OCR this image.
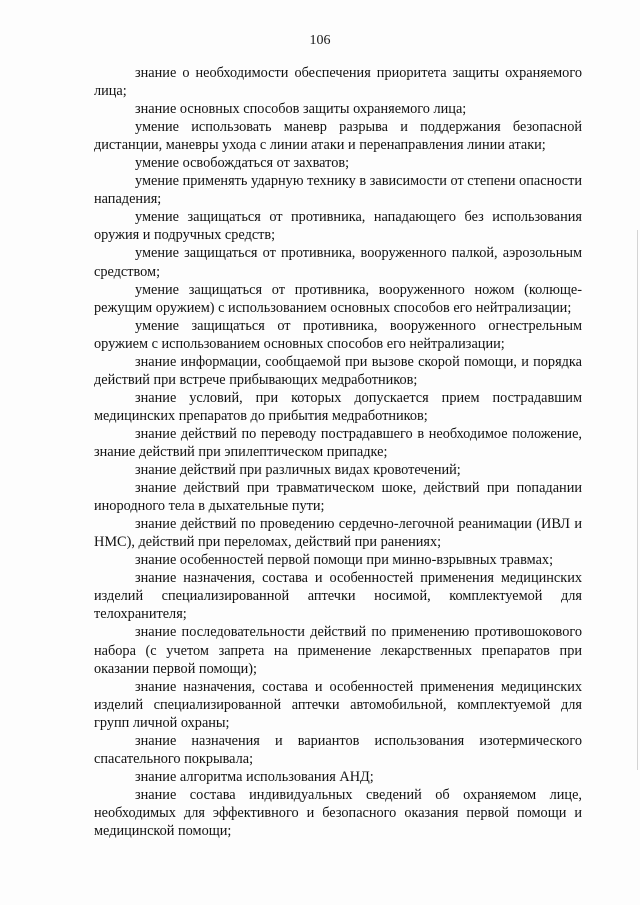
106

знание о необходимости обеспечения приоритета защиты охраняемого лица;

знание основных способов защиты охраняемого лица;

умение использовать маневр разрыва и поддержания безопасной дистанции, маневры ухода с линии атаки и перенаправления линии атаки;

умение освобождаться от захватов;

умение применять ударную технику в зависимости от степени опасности нападения;

умение защищаться от противника, нападающего без использования оружия и подручных средств;

умение защищаться от противника, вооруженного палкой, аэрозольным средством;

умение защищаться от противника, вооруженного ножом (колюще-режущим оружием) с использованием основных способов его нейтрализации;

умение защищаться от противника, вооруженного огнестрельным оружием с использованием основных способов его нейтрализации;

знание информации, сообщаемой при вызове скорой помощи, и порядка действий при встрече прибывающих медработников;

знание условий, при которых допускается прием пострадавшим медицинских препаратов до прибытия медработников;

знание действий по переводу пострадавшего в необходимое положение, знание действий при эпилептическом припадке;

знание действий при различных видах кровотечений;

знание действий при травматическом шоке, действий при попадании инородного тела в дыхательные пути;

знание действий по проведению сердечно-легочной реанимации (ИВЛ и НМС), действий при переломах, действий при ранениях;

знание особенностей первой помощи при минно-взрывных травмах;

знание назначения, состава и особенностей применения медицинских изделий специализированной аптечки носимой, комплектуемой для телохранителя;

знание последовательности действий по применению противошокового набора (с учетом запрета на применение лекарственных препаратов при оказании первой помощи);

знание назначения, состава и особенностей применения медицинских изделий специализированной аптечки автомобильной, комплектуемой для групп личной охраны;

знание назначения и вариантов использования изотермического спасательного покрывала;

знание алгоритма использования АНД;

знание состава индивидуальных сведений об охраняемом лице, необходимых для эффективного и безопасного оказания первой помощи и медицинской помощи;
